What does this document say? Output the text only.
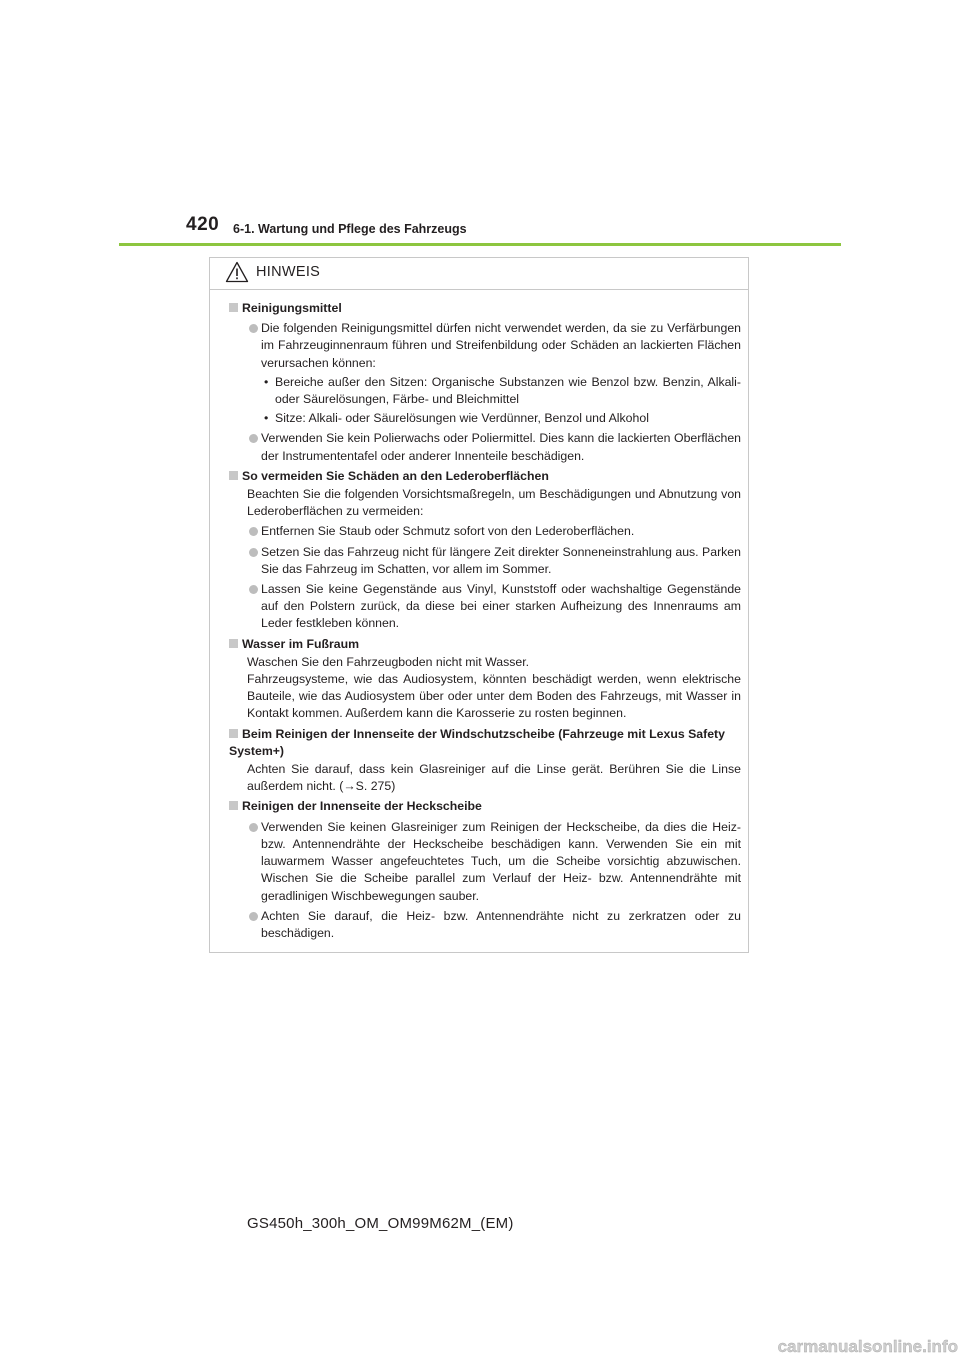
420 6-1. Wartung und Pflege des Fahrzeugs
HINWEIS
Reinigungsmittel
Die folgenden Reinigungsmittel dürfen nicht verwendet werden, da sie zu Verfärbungen im Fahrzeuginnenraum führen und Streifenbildung oder Schäden an lackierten Flächen verursachen können:
• Bereiche außer den Sitzen: Organische Substanzen wie Benzol bzw. Benzin, Alkali- oder Säurelösungen, Färbe- und Bleichmittel
• Sitze: Alkali- oder Säurelösungen wie Verdünner, Benzol und Alkohol
Verwenden Sie kein Polierwachs oder Poliermittel. Dies kann die lackierten Oberflächen der Instrumententafel oder anderer Innenteile beschädigen.
So vermeiden Sie Schäden an den Lederoberflächen
Beachten Sie die folgenden Vorsichtsmaßregeln, um Beschädigungen und Abnutzung von Lederoberflächen zu vermeiden:
Entfernen Sie Staub oder Schmutz sofort von den Lederoberflächen.
Setzen Sie das Fahrzeug nicht für längere Zeit direkter Sonneneinstrahlung aus. Parken Sie das Fahrzeug im Schatten, vor allem im Sommer.
Lassen Sie keine Gegenstände aus Vinyl, Kunststoff oder wachshaltige Gegenstände auf den Polstern zurück, da diese bei einer starken Aufheizung des Innenraums am Leder festkleben können.
Wasser im Fußraum
Waschen Sie den Fahrzeugboden nicht mit Wasser.
Fahrzeugsysteme, wie das Audiosystem, könnten beschädigt werden, wenn elektrische Bauteile, wie das Audiosystem über oder unter dem Boden des Fahrzeugs, mit Wasser in Kontakt kommen. Außerdem kann die Karosserie zu rosten beginnen.
Beim Reinigen der Innenseite der Windschutzscheibe (Fahrzeuge mit Lexus Safety System+)
Achten Sie darauf, dass kein Glasreiniger auf die Linse gerät. Berühren Sie die Linse außerdem nicht. (→S. 275)
Reinigen der Innenseite der Heckscheibe
Verwenden Sie keinen Glasreiniger zum Reinigen der Heckscheibe, da dies die Heiz- bzw. Antennendrähte der Heckscheibe beschädigen kann. Verwenden Sie ein mit lauwarmem Wasser angefeuchtetes Tuch, um die Scheibe vorsichtig abzuwischen. Wischen Sie die Scheibe parallel zum Verlauf der Heiz- bzw. Antennendrähte mit geradlinigen Wischbewegungen sauber.
Achten Sie darauf, die Heiz- bzw. Antennendrähte nicht zu zerkratzen oder zu beschädigen.
GS450h_300h_OM_OM99M62M_(EM)
carmanualsonline.info
